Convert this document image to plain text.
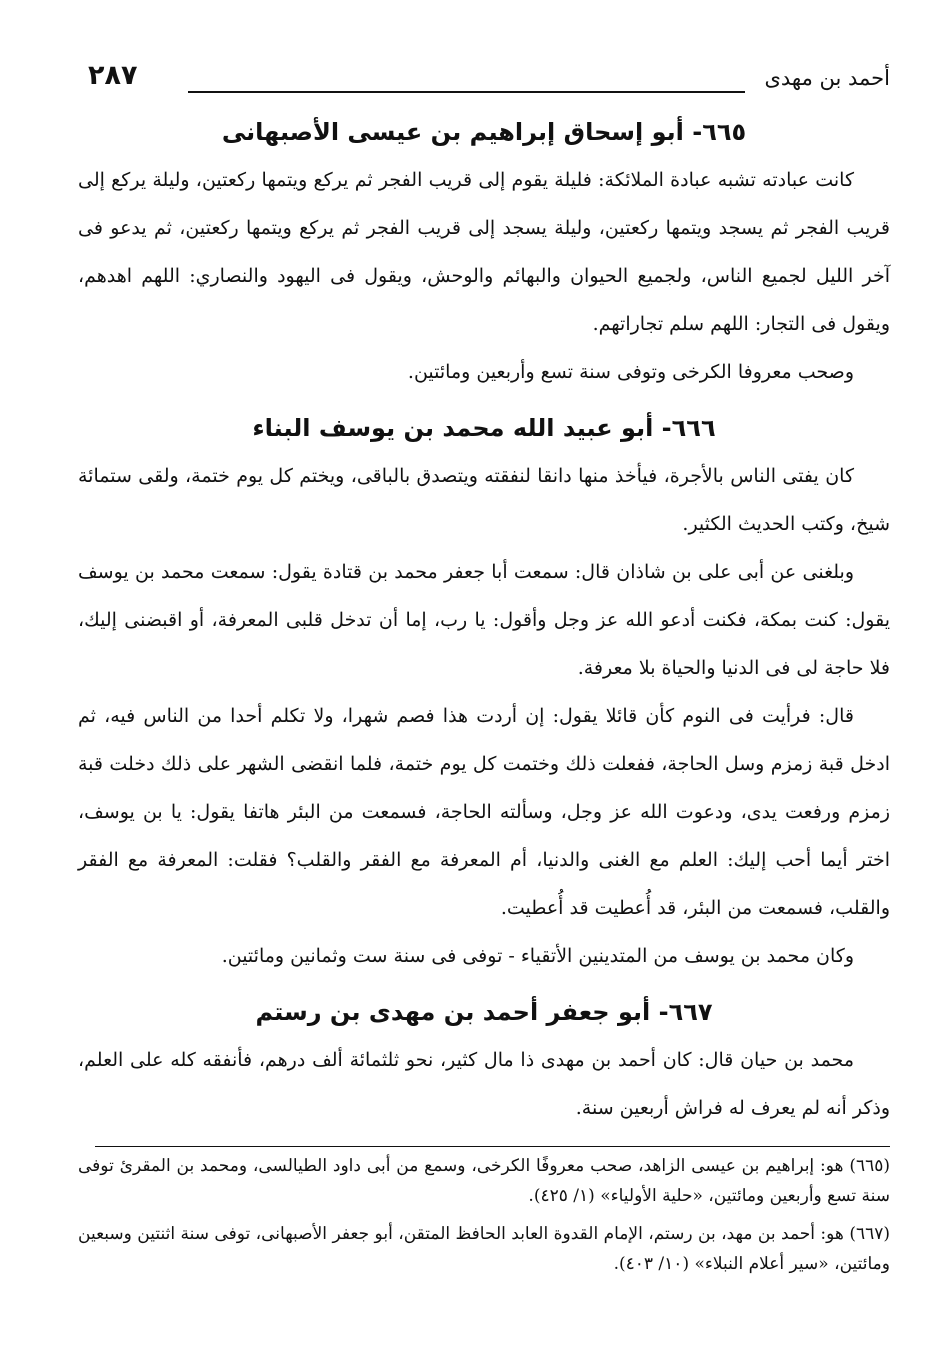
أحمد بن مهدى
٢٨٧
٦٦٥- أبو إسحاق إبراهيم بن عيسى الأصبهانى

كانت عبادته تشبه عبادة الملائكة: فليلة يقوم إلى قريب الفجر ثم يركع ويتمها ركعتين، وليلة يركع إلى قريب الفجر ثم يسجد ويتمها ركعتين، وليلة يسجد إلى قريب الفجر ثم يركع ويتمها ركعتين، ثم يدعو فى آخر الليل لجميع الناس، ولجميع الحيوان والبهائم والوحش، ويقول فى اليهود والنصاري: اللهم اهدهم، ويقول فى التجار: اللهم سلم تجاراتهم.

وصحب معروفا الكرخى وتوفى سنة تسع وأربعين ومائتين.

٦٦٦- أبو عبيد الله محمد بن يوسف البناء

كان يفتى الناس بالأجرة، فيأخذ منها دانقا لنفقته ويتصدق بالباقى، ويختم كل يوم ختمة، ولقى ستمائة شيخ، وكتب الحديث الكثير.

وبلغنى عن أبى على بن شاذان قال: سمعت أبا جعفر محمد بن قتادة يقول: سمعت محمد بن يوسف يقول: كنت بمكة، فكنت أدعو الله عز وجل وأقول: يا رب، إما أن تدخل قلبى المعرفة، أو اقبضنى إليك، فلا حاجة لى فى الدنيا والحياة بلا معرفة.

قال: فرأيت فى النوم كأن قائلا يقول: إن أردت هذا فصم شهرا، ولا تكلم أحدا من الناس فيه، ثم ادخل قبة زمزم وسل الحاجة، ففعلت ذلك وختمت كل يوم ختمة، فلما انقضى الشهر على ذلك دخلت قبة زمزم ورفعت يدى، ودعوت الله عز وجل، وسألته الحاجة، فسمعت من البئر هاتفا يقول: يا بن يوسف، اختر أيما أحب إليك: العلم مع الغنى والدنيا، أم المعرفة مع الفقر والقلب؟ فقلت: المعرفة مع الفقر والقلب، فسمعت من البئر، قد أُعطيت قد أُعطيت.

وكان محمد بن يوسف من المتدينين الأتقياء - توفى فى سنة ست وثمانين ومائتين.

٦٦٧- أبو جعفر أحمد بن مهدى بن رستم

محمد بن حيان قال: كان أحمد بن مهدى ذا مال كثير، نحو ثلثمائة ألف درهم، فأنفقه كله على العلم، وذكر أنه لم يعرف له فراش أربعين سنة.

(٦٦٥) هو: إبراهيم بن عيسى الزاهد، صحب معروفًا الكرخى، وسمع من أبى داود الطيالسى، ومحمد بن المقرئ توفى سنة تسع وأربعين ومائتين، «حلية الأولياء» (١/ ٤٢٥).

(٦٦٧) هو: أحمد بن مهد، بن رستم، الإمام القدوة العابد الحافظ المتقن، أبو جعفر الأصبهانى، توفى سنة اثنتين وسبعين ومائتين، «سير أعلام النبلاء» (١٠/ ٤٠٣).
